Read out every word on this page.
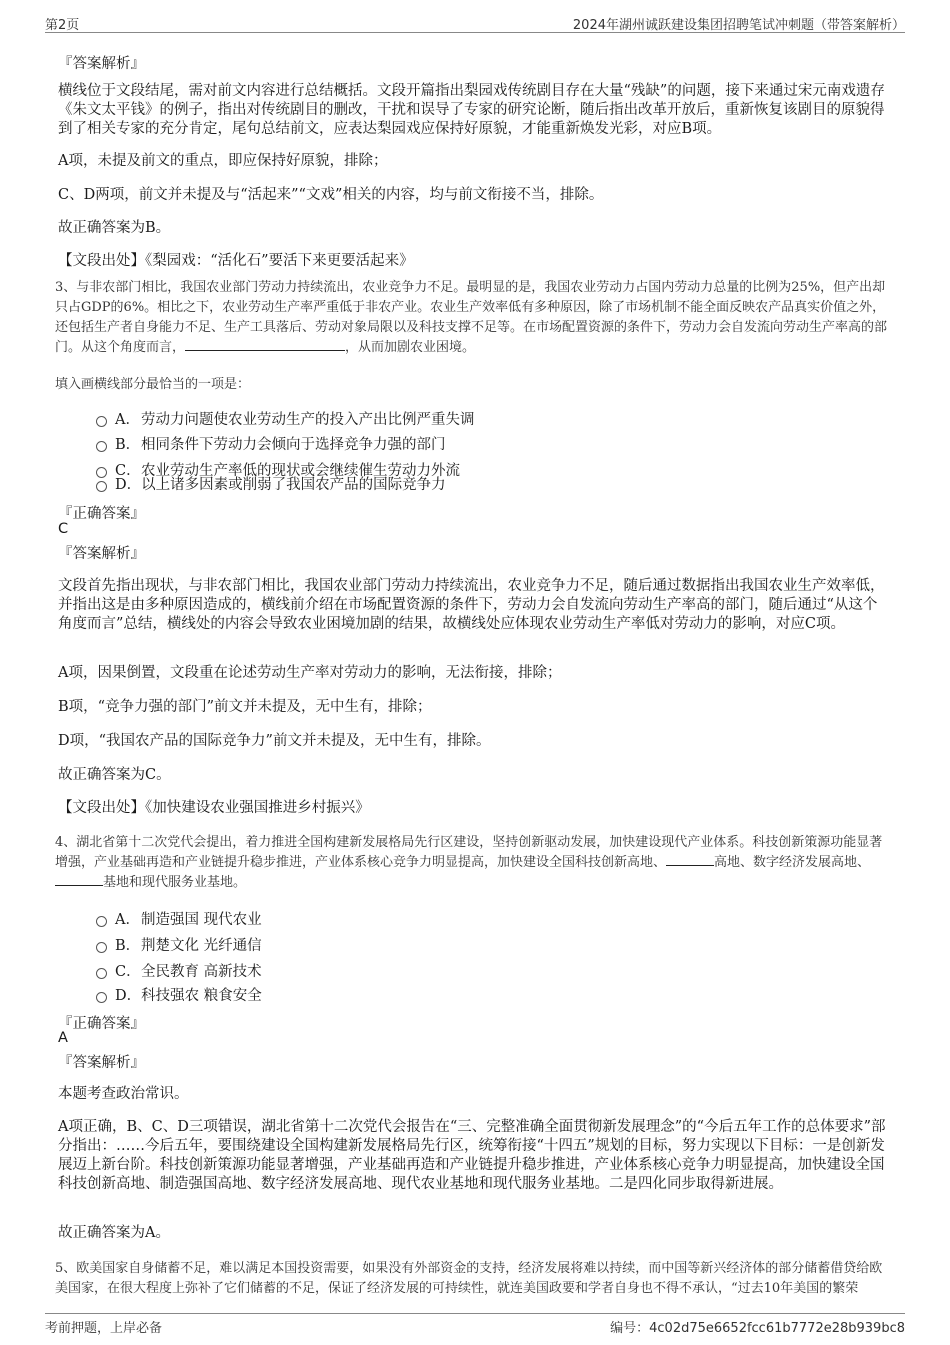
第2页	2024年湖州诚跃建设集团招聘笔试冲刺题（带答案解析）
『答案解析』
横线位于文段结尾，需对前文内容进行总结概括。文段开篇指出梨园戏传统剧目存在大量“残缺”的问题，接下来通过宋元南戏遗存《朱文太平钱》的例子，指出对传统剧目的删改，干扰和误导了专家的研究论断，随后指出改革开放后，重新恢复该剧目的原貌得到了相关专家的充分肯定，尾句总结前文，应表达梨园戏应保持好原貌，才能重新焕发光彩，对应B项。
A项，未提及前文的重点，即应保持好原貌，排除；
C、D两项，前文并未提及与“活起来”“文戏”相关的内容，均与前文衔接不当，排除。
故正确答案为B。
【文段出处】《梨园戏：“活化石”要活下来更要活起来》
3、与非农部门相比，我国农业部门劳动力持续流出，农业竞争力不足。最明显的是，我国农业劳动力占国内劳动力总量的比例为25%，但产出却只占GDP的6%。相比之下，农业劳动生产率严重低于非农产业。农业生产效率低有多种原因，除了市场机制不能全面反映农产品真实价值之外，还包括生产者自身能力不足、生产工具落后、劳动对象局限以及科技支撑不足等。在市场配置资源的条件下，劳动力会自发流向劳动生产率高的部门。从这个角度而言，	，从而加剧农业困境。
填入画横线部分最恰当的一项是：
A．劳动力问题使农业劳动生产的投入产出比例严重失调
B．相同条件下劳动力会倾向于选择竞争力强的部门
C．农业劳动生产率低的现状或会继续催生劳动力外流
D．以上诸多因素或削弱了我国农产品的国际竞争力
『正确答案』
C
『答案解析』
文段首先指出现状，与非农部门相比，我国农业部门劳动力持续流出，农业竞争力不足，随后通过数据指出我国农业生产效率低，并指出这是由多种原因造成的，横线前介绍在市场配置资源的条件下，劳动力会自发流向劳动生产率高的部门，随后通过“从这个角度而言”总结，横线处的内容会导致农业困境加剧的结果，故横线处应体现农业劳动生产率低对劳动力的影响，对应C项。
A项，因果倒置，文段重在论述劳动生产率对劳动力的影响，无法衔接，排除；
B项，“竞争力强的部门”前文并未提及，无中生有，排除；
D项，“我国农产品的国际竞争力”前文并未提及，无中生有，排除。
故正确答案为C。
【文段出处】《加快建设农业强国推进乡村振兴》
4、湖北省第十二次党代会提出，着力推进全国构建新发展格局先行区建设，坚持创新驱动发展，加快建设现代产业体系。科技创新策源功能显著增强，产业基础再造和产业链提升稳步推进，产业体系核心竞争力明显提高，加快建设全国科技创新高地、	高地、数字经济发展高地、基地和现代服务业基地。
A．制造强国 现代农业
B．荆楚文化 光纤通信
C．全民教育 高新技术
D．科技强农 粮食安全
『正确答案』
A
『答案解析』
本题考查政治常识。
A项正确，B、C、D三项错误，湖北省第十二次党代会报告在“三、完整准确全面贯彻新发展理念”的“今后五年工作的总体要求”部分指出：……今后五年，要围绕建设全国构建新发展格局先行区，统筹衔接“十四五”规划的目标，努力实现以下目标：一是创新发展迈上新台阶。科技创新策源功能显著增强，产业基础再造和产业链提升稳步推进，产业体系核心竞争力明显提高，加快建设全国科技创新高地、制造强国高地、数字经济发展高地、现代农业基地和现代服务业基地。二是四化同步取得新进展。
故正确答案为A。
5、欧美国家自身储蓄不足，难以满足本国投资需要，如果没有外部资金的支持，经济发展将难以持续，而中国等新兴经济体的部分储蓄借贷给欧美国家，在很大程度上弥补了它们储蓄的不足，保证了经济发展的可持续性，就连美国政要和学者自身也不得不承认，“过去10年美国的繁荣
考前押题，上岸必备	编号：4c02d75e6652fcc61b7772e28b939bc8
